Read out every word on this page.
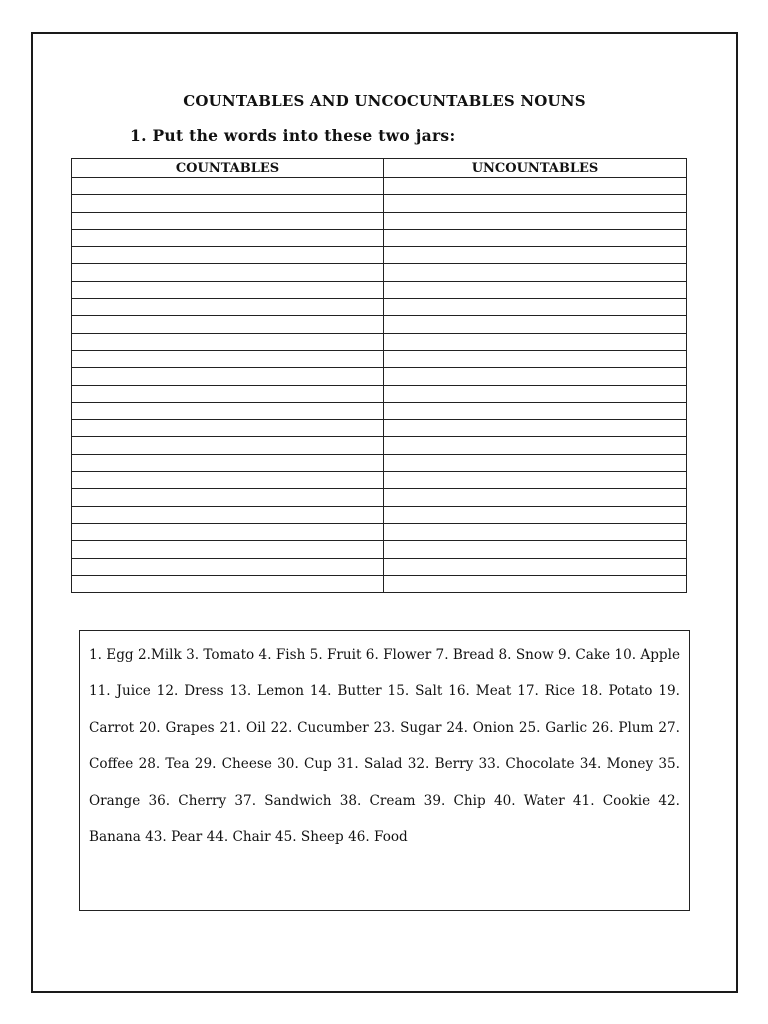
COUNTABLES AND UNCOCUNTABLES NOUNS
1. Put the words into these two jars:
COUNTABLES	UNCOUNTABLES

1. Egg 2.Milk 3. Tomato 4. Fish 5. Fruit 6. Flower 7. Bread 8. Snow 9. Cake 10. Apple 11. Juice 12. Dress 13. Lemon 14. Butter 15. Salt 16. Meat 17. Rice 18. Potato 19. Carrot 20. Grapes 21. Oil 22. Cucumber 23. Sugar 24. Onion 25. Garlic 26. Plum 27. Coffee 28. Tea 29. Cheese 30. Cup 31. Salad 32. Berry 33. Chocolate 34. Money 35. Orange 36. Cherry 37. Sandwich 38. Cream 39. Chip 40. Water 41. Cookie 42. Banana 43. Pear 44. Chair 45. Sheep 46. Food
